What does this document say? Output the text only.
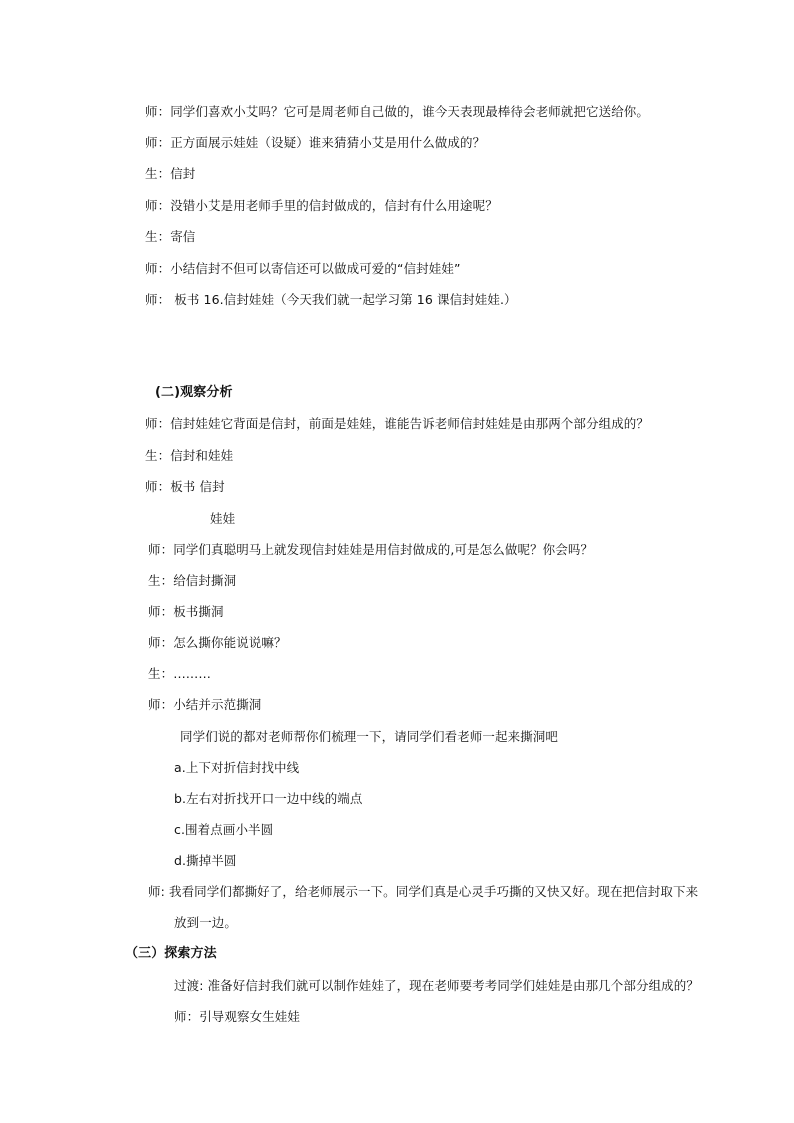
师：同学们喜欢小艾吗？它可是周老师自己做的，谁今天表现最棒待会老师就把它送给你。
师：正方面展示娃娃（设疑）谁来猜猜小艾是用什么做成的？
生：信封
师：没错小艾是用老师手里的信封做成的，信封有什么用途呢？
生：寄信
师：小结信封不但可以寄信还可以做成可爱的“信封娃娃”
师： 板书 16.信封娃娃（今天我们就一起学习第 16 课信封娃娃.）
(二)观察分析
师：信封娃娃它背面是信封，前面是娃娃，谁能告诉老师信封娃娃是由那两个部分组成的？
生：信封和娃娃
师：板书 信封
娃娃
师：同学们真聪明马上就发现信封娃娃是用信封做成的,可是怎么做呢？你会吗？
生：给信封撕洞
师：板书撕洞
师：怎么撕你能说说嘛？
生：………
师：小结并示范撕洞
同学们说的都对老师帮你们梳理一下，请同学们看老师一起来撕洞吧
a.上下对折信封找中线
b.左右对折找开口一边中线的端点
c.围着点画小半圆
d.撕掉半圆
师: 我看同学们都撕好了，给老师展示一下。同学们真是心灵手巧撕的又快又好。现在把信封取下来
放到一边。
（三）探索方法
过渡: 准备好信封我们就可以制作娃娃了，现在老师要考考同学们娃娃是由那几个部分组成的？
师：引导观察女生娃娃
